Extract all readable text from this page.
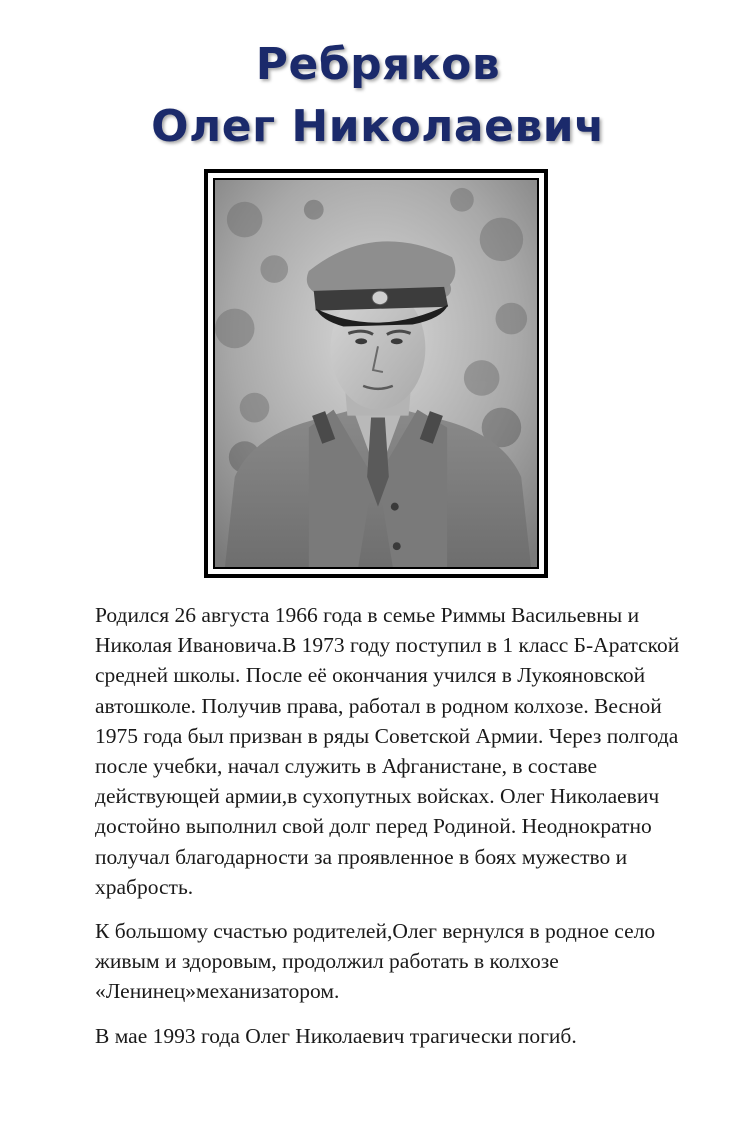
Ребряков
Олег Николаевич

Родился 26 августа 1966 года в семье Риммы Васильевны и Николая Ивановича.В 1973 году поступил в 1 класс Б-Аратской средней школы. После её окончания учился в Лукояновской автошколе. Получив права, работал в родном колхозе. Весной 1975 года был призван в ряды Советской Армии. Через полгода после учебки, начал служить в Афганистане, в составе действующей армии,в сухопутных войсках. Олег Николаевич достойно выполнил свой долг перед Родиной. Неоднократно получал благодарности за проявленное в боях мужество и храбрость.

К большому счастью родителей,Олег вернулся в родное село живым и здоровым, продолжил работать в колхозе «Ленинец»механизатором.

В мае 1993 года Олег Николаевич трагически погиб.
